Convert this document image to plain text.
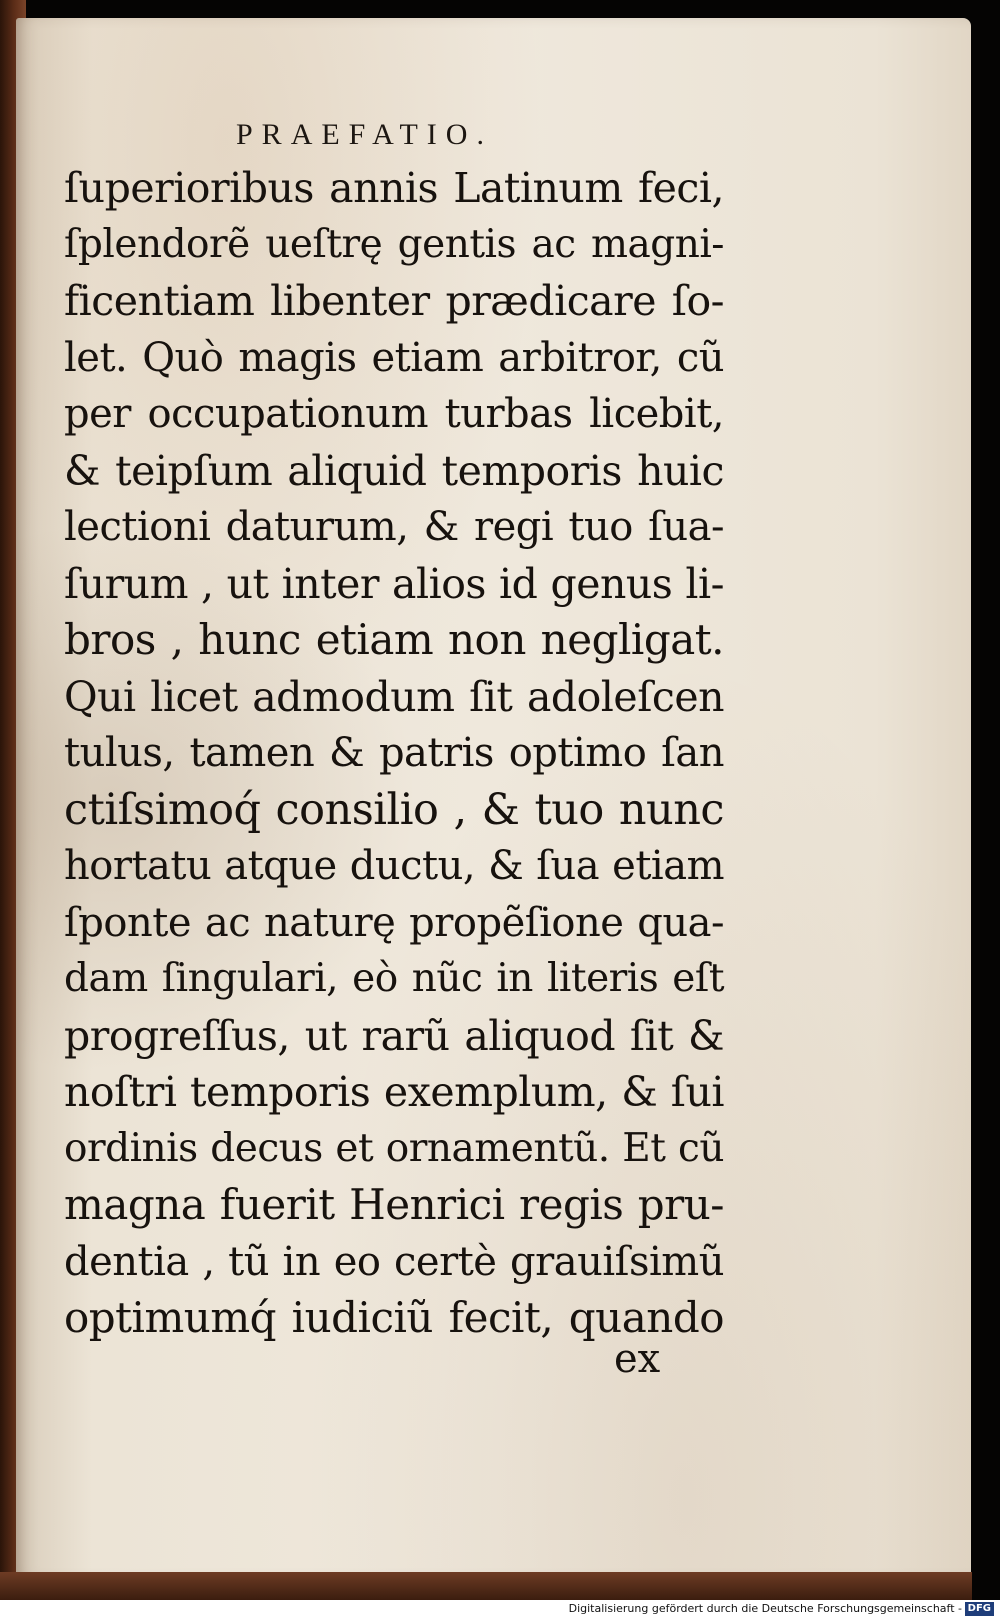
PRAEFATIO.
ſuperioribus annis Latinum feci,
ſplendorẽ ueſtrę gentis ac magni-
ficentiam libenter prædicare ſo-
let. Quò magis etiam arbitror, cũ
per occupationum turbas licebit,
& teipſum aliquid temporis huic
lectioni daturum, & regi tuo ſua-
ſurum , ut inter alios id genus li-
bros , hunc etiam non negligat.
Qui licet admodum ſit adoleſcen
tulus, tamen & patris optimo ſan
ctiſsimoq́ consilio , & tuo nunc
hortatu atque ductu, & ſua etiam
ſponte ac naturę propẽſione qua-
dam ſingulari, eò nũc in literis eſt
progreſſus, ut rarũ aliquod ſit &
noſtri temporis exemplum, & ſui
ordinis decus et ornamentũ. Et cũ
magna fuerit Henrici regis pru-
dentia , tũ in eo certè grauiſsimũ
optimumq́ iudiciũ fecit, quando
ex
Digitalisierung gefördert durch die Deutsche Forschungsgemeinschaft - DFG
